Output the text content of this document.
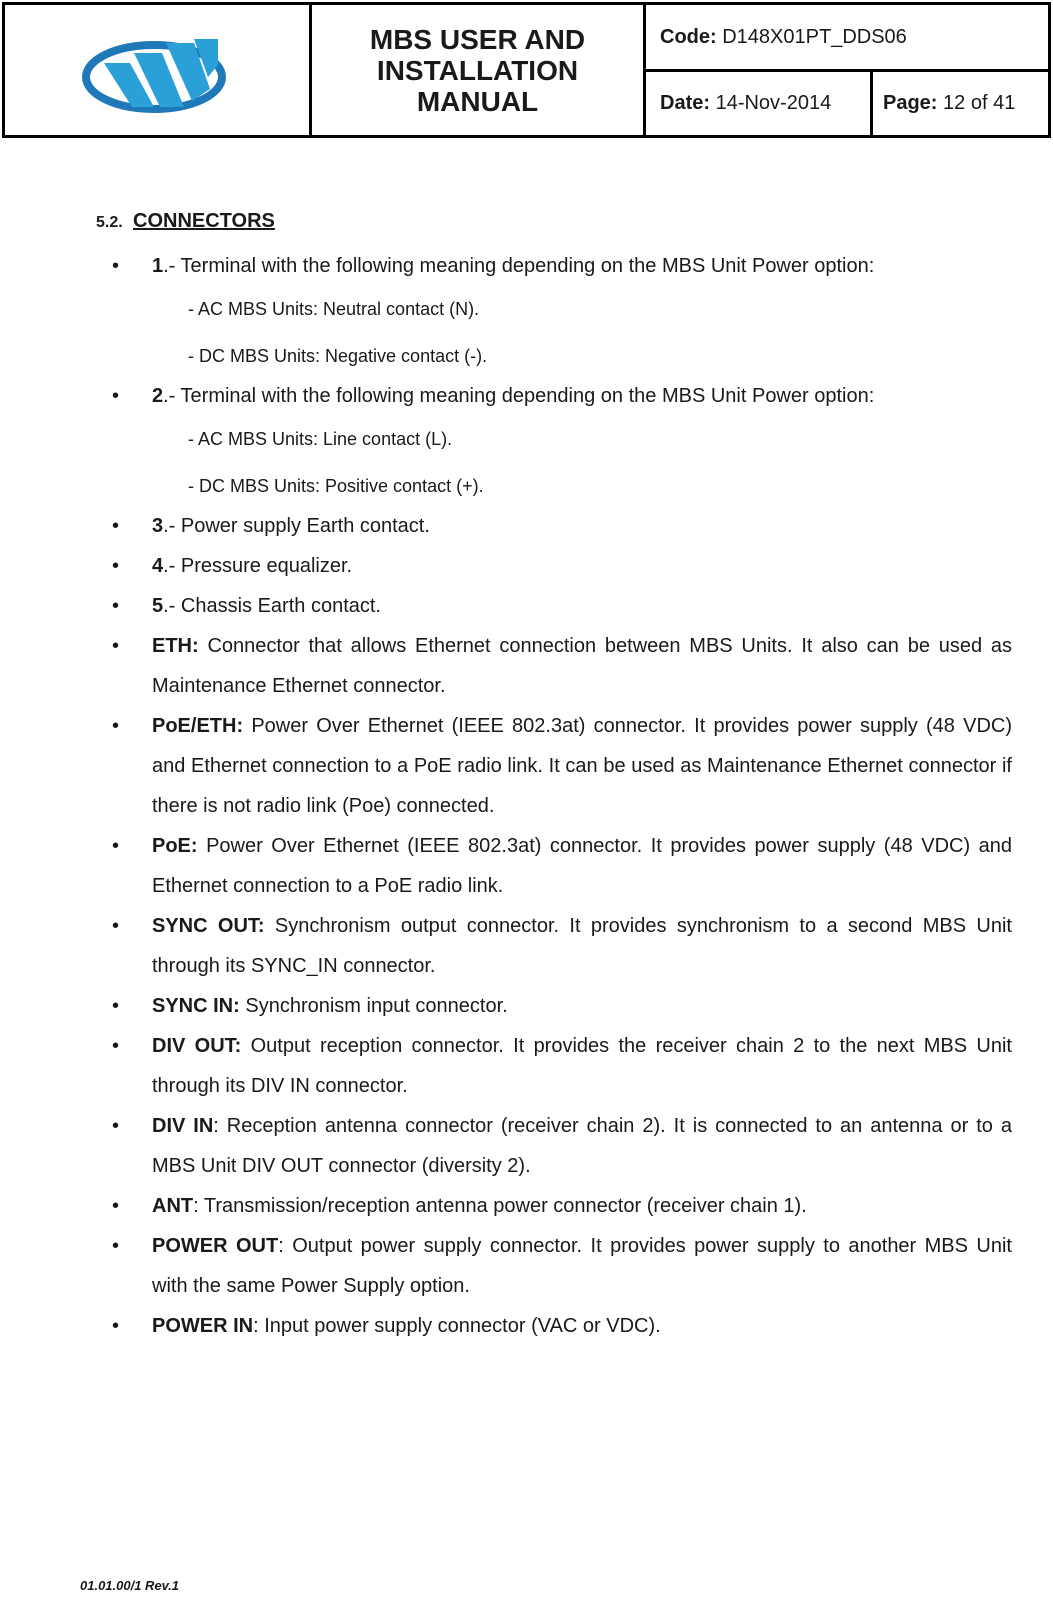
MBS USER AND INSTALLATION MANUAL
Code:
D148X01PT_DDS06
Date:
14-Nov-2014	Page:
12 of 41
5.2. CONNECTORS
• 1.- Terminal with the following meaning depending on the MBS Unit Power option:
- AC MBS Units: Neutral contact (N).
- DC MBS Units: Negative contact (-).
• 2.- Terminal with the following meaning depending on the MBS Unit Power option:
- AC MBS Units: Line contact (L).
- DC MBS Units: Positive contact (+).
• 3.- Power supply Earth contact.
• 4.- Pressure equalizer.
• 5.- Chassis Earth contact.
• ETH: Connector that allows Ethernet connection between MBS Units. It also can be used as Maintenance Ethernet connector.
• PoE/ETH: Power Over Ethernet (IEEE 802.3at) connector. It provides power supply (48 VDC) and Ethernet connection to a PoE radio link. It can be used as Maintenance Ethernet connector if there is not radio link (Poe) connected.
• PoE: Power Over Ethernet (IEEE 802.3at) connector. It provides power supply (48 VDC) and Ethernet connection to a PoE radio link.
• SYNC OUT: Synchronism output connector. It provides synchronism to a second MBS Unit through its SYNC_IN connector.
• SYNC IN: Synchronism input connector.
• DIV OUT: Output reception connector. It provides the receiver chain 2 to the next MBS Unit through its DIV IN connector.
• DIV IN: Reception antenna connector (receiver chain 2). It is connected to an antenna or to a MBS Unit DIV OUT connector (diversity 2).
• ANT: Transmission/reception antenna power connector (receiver chain 1).
• POWER OUT: Output power supply connector. It provides power supply to another MBS Unit with the same Power Supply option.
• POWER IN: Input power supply connector (VAC or VDC).
01.01.00/1 Rev.1
